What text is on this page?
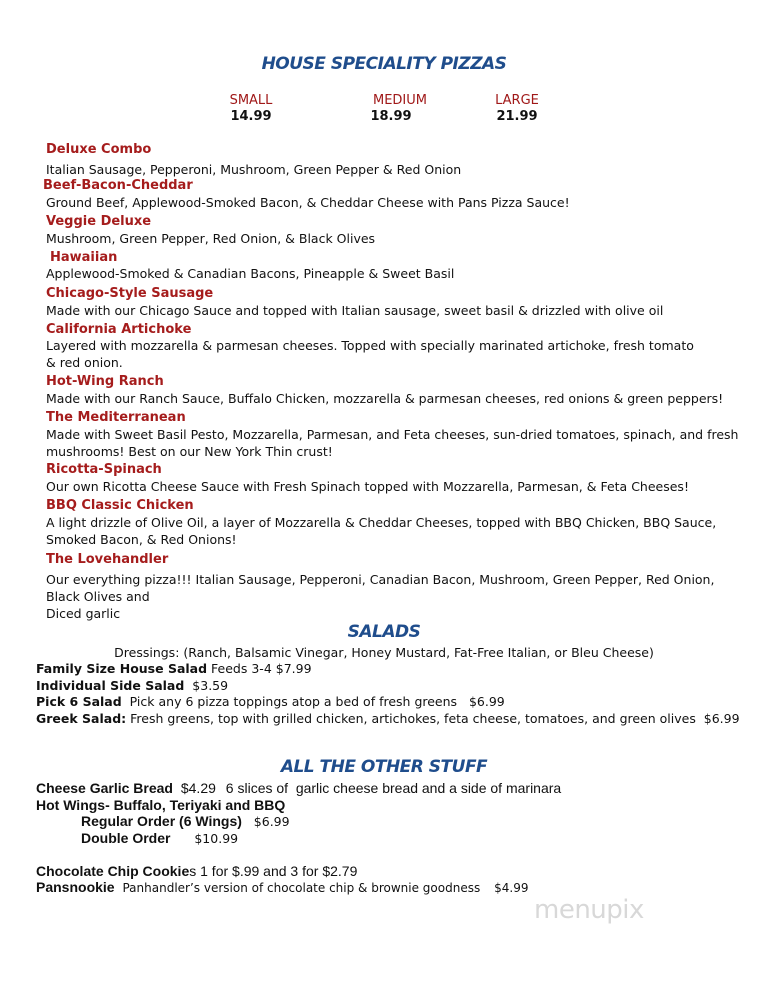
HOUSE SPECIALITY PIZZAS
SMALL	MEDIUM	LARGE
14.99	18.99	21.99
Deluxe Combo
Italian Sausage, Pepperoni, Mushroom, Green Pepper & Red Onion
Beef-Bacon-Cheddar
Ground Beef, Applewood-Smoked Bacon, & Cheddar Cheese with Pans Pizza Sauce!
Veggie Deluxe
Mushroom, Green Pepper, Red Onion, & Black Olives
Hawaiian
Applewood-Smoked & Canadian Bacons, Pineapple & Sweet Basil
Chicago-Style Sausage
Made with our Chicago Sauce and topped with Italian sausage, sweet basil & drizzled with olive oil
California Artichoke
Layered with mozzarella & parmesan cheeses. Topped with specially marinated artichoke, fresh tomato
& red onion.
Hot-Wing Ranch
Made with our Ranch Sauce, Buffalo Chicken, mozzarella & parmesan cheeses, red onions & green peppers!
The Mediterranean
Made with Sweet Basil Pesto, Mozzarella, Parmesan, and Feta cheeses, sun-dried tomatoes, spinach, and fresh
mushrooms! Best on our New York Thin crust!
Ricotta-Spinach
Our own Ricotta Cheese Sauce with Fresh Spinach topped with Mozzarella, Parmesan, & Feta Cheeses!
BBQ Classic Chicken
A light drizzle of Olive Oil, a layer of Mozzarella & Cheddar Cheeses, topped with BBQ Chicken, BBQ Sauce,
Smoked Bacon, & Red Onions!
The Lovehandler
Our everything pizza!!! Italian Sausage, Pepperoni, Canadian Bacon, Mushroom, Green Pepper, Red Onion, Black Olives and
Diced garlic
SALADS
Dressings: (Ranch, Balsamic Vinegar, Honey Mustard, Fat-Free Italian, or Bleu Cheese)
Family Size House Salad Feeds 3-4 $7.99
Individual Side Salad $3.59
Pick 6 Salad Pick any 6 pizza toppings atop a bed of fresh greens   $6.99
Greek Salad: Fresh greens, top with grilled chicken, artichokes, feta cheese, tomatoes, and green olives  $6.99
ALL THE OTHER STUFF
Cheese Garlic Bread $4.29 6 slices of  garlic cheese bread and a side of marinara
Hot Wings- Buffalo, Teriyaki and BBQ
Regular Order (6 Wings) $6.99
Double Order $10.99
Chocolate Chip Cookies 1 for $.99 and 3 for $2.79
Pansnookie Panhandler’s version of chocolate chip & brownie goodness $4.99
menupix
